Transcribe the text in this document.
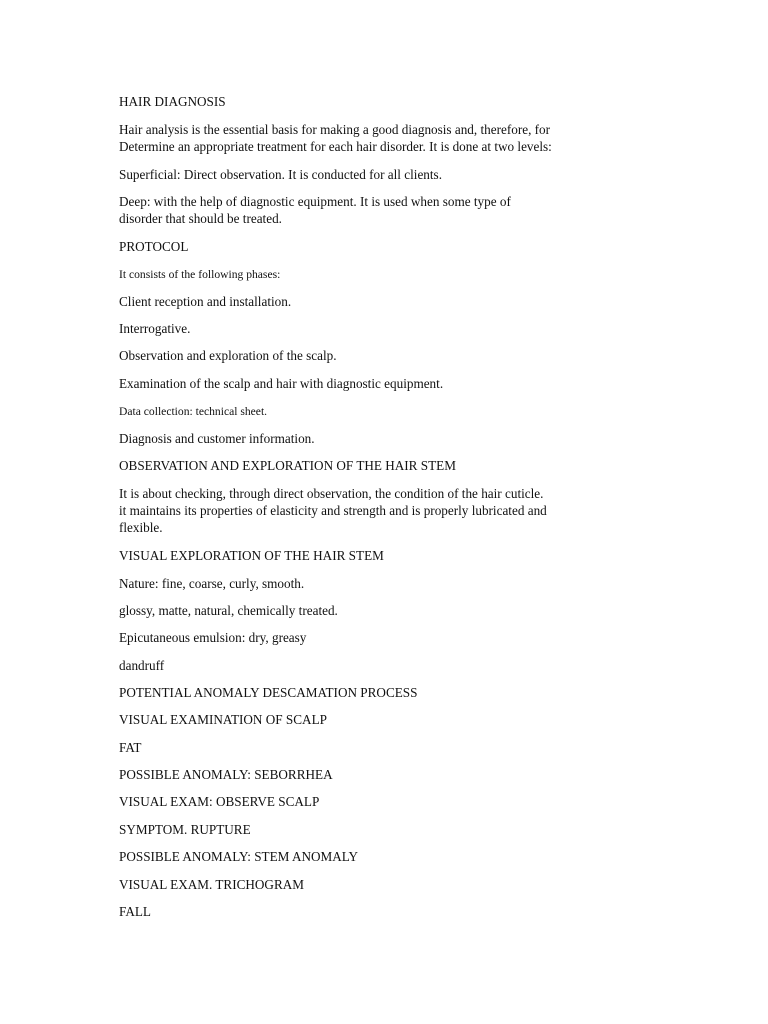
HAIR DIAGNOSIS

Hair analysis is the essential basis for making a good diagnosis and, therefore, for
Determine an appropriate treatment for each hair disorder. It is done at two levels:

Superficial: Direct observation. It is conducted for all clients.

Deep: with the help of diagnostic equipment. It is used when some type of
disorder that should be treated.

PROTOCOL

It consists of the following phases:

Client reception and installation.

Interrogative.

Observation and exploration of the scalp.

Examination of the scalp and hair with diagnostic equipment.

Data collection: technical sheet.

Diagnosis and customer information.

OBSERVATION AND EXPLORATION OF THE HAIR STEM

It is about checking, through direct observation, the condition of the hair cuticle.
it maintains its properties of elasticity and strength and is properly lubricated and
flexible.

VISUAL EXPLORATION OF THE HAIR STEM

Nature: fine, coarse, curly, smooth.

glossy, matte, natural, chemically treated.

Epicutaneous emulsion: dry, greasy

dandruff

POTENTIAL ANOMALY DESCAMATION PROCESS

VISUAL EXAMINATION OF SCALP

FAT

POSSIBLE ANOMALY: SEBORRHEA

VISUAL EXAM: OBSERVE SCALP

SYMPTOM. RUPTURE

POSSIBLE ANOMALY: STEM ANOMALY

VISUAL EXAM. TRICHOGRAM

FALL
